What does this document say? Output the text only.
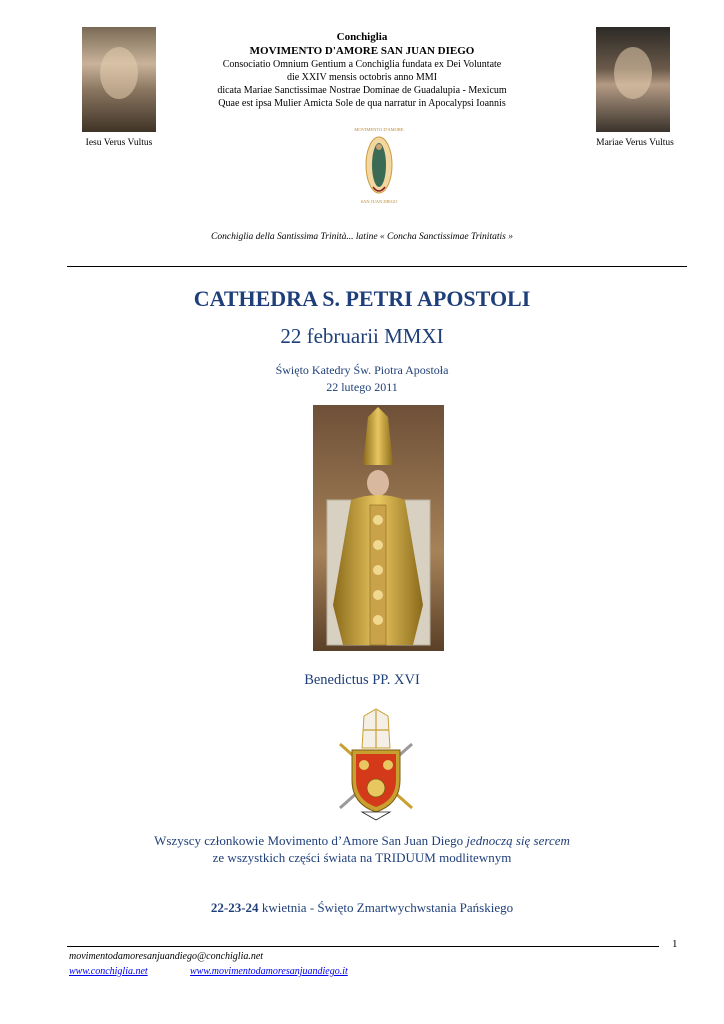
Conchiglia
MOVIMENTO D'AMORE SAN JUAN DIEGO
Consociatio Omnium Gentium a Conchiglia fundata ex Dei Voluntate
die XXIV mensis octobris anno MMI
dicata Mariae Sanctissimae Nostrae Dominae de Guadalupia - Mexicum
Quae est ipsa Mulier Amicta Sole de qua narratur in Apocalypsi Ioannis
Iesu Verus Vultus	Mariae Verus Vultus
MOVIMENTO D'AMORE
SAN JUAN DIEGO
Conchiglia della Santissima Trinità... latine « Concha Sanctissimae Trinitatis »
CATHEDRA S. PETRI APOSTOLI
22 februarii MMXI
Święto Katedry Św. Piotra Apostoła
22 lutego 2011
Benedictus PP. XVI
Wszyscy członkowie Movimento d’Amore San Juan Diego jednoczą się sercem
ze wszystkich części świata na TRIDUUM modlitewnym
22-23-24 kwietnia - Święto Zmartwychwstania Pańskiego
1
movimentodamoresanjuandiego@conchiglia.net
www.conchiglia.net	www.movimentodamoresanjuandiego.it
